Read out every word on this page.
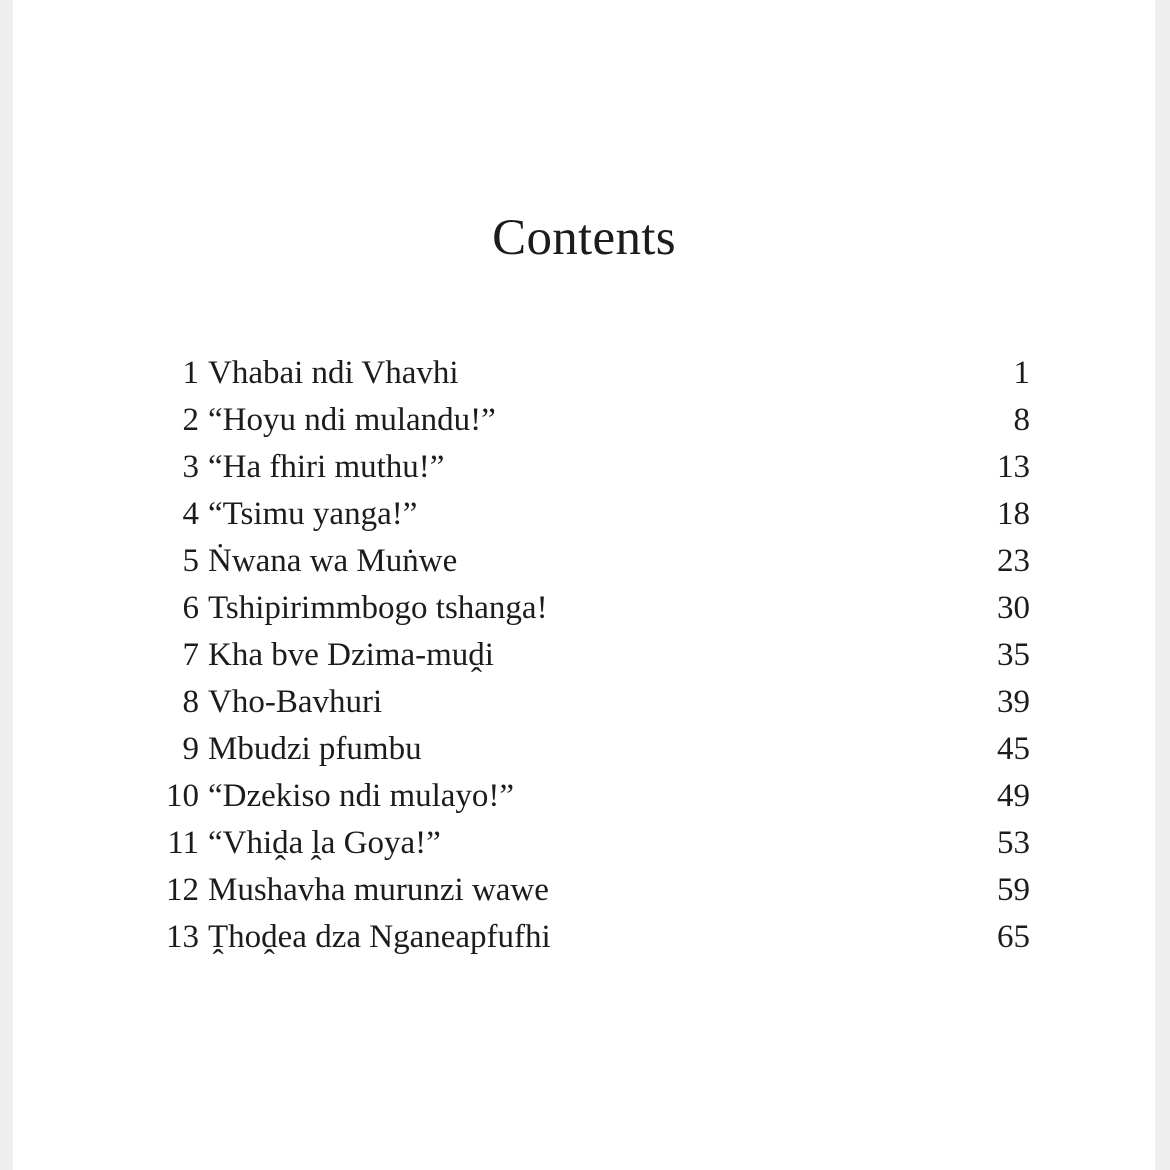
Contents
1 Vhabai ndi Vhavhi	1
2 “Hoyu ndi mulandu!”	8
3 “Ha fhiri muthu!”	13
4 “Tsimu yanga!”	18
5 Ṅwana wa Muṅwe	23
6 Tshipirimmbogo tshanga!	30
7 Kha bve Dzima-muḓi	35
8 Vho-Bavhuri	39
9 Mbudzi pfumbu	45
10 “Dzekiso ndi mulayo!”	49
11 “Vhiḓa ḽa Goya!”	53
12 Mushavha murunzi wawe	59
13 Ṱhoḓea dza Nganeapfufhi	65
